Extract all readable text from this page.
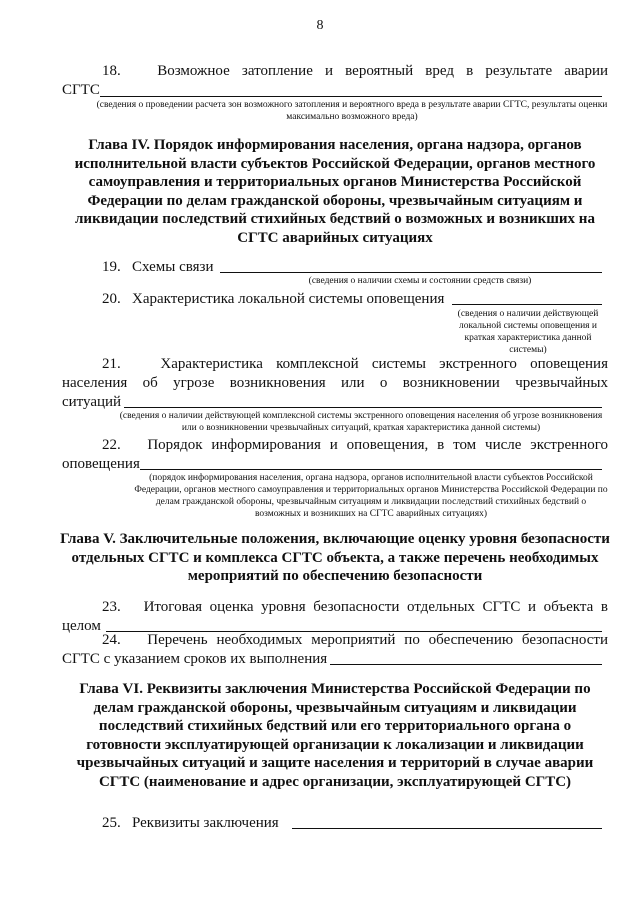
8
18.   Возможное затопление и вероятный вред в результате аварии
СГТС
(сведения о проведении расчета зон возможного затопления и вероятного вреда в результате аварии СГТС, результаты оценки максимально возможного вреда)
Глава IV. Порядок информирования населения, органа надзора, органов исполнительной власти субъектов Российской Федерации, органов местного самоуправления и территориальных органов Министерства Российской Федерации по делам гражданской обороны, чрезвычайным ситуациям и ликвидации последствий стихийных бедствий о возможных и возникших на СГТС аварийных ситуациях
19.   Схемы связи
(сведения о наличии схемы и состоянии средств связи)
20.   Характеристика локальной системы оповещения
(сведения о наличии действующей локальной системы оповещения и краткая характеристика данной системы)
21.   Характеристика комплексной системы экстренного оповещения
населения об угрозе возникновения или о возникновении чрезвычайных
ситуаций
(сведения о наличии действующей комплексной системы экстренного оповещения населения об угрозе возникновения или о возникновении чрезвычайных ситуаций, краткая характеристика данной системы)
22.   Порядок информирования и оповещения, в том числе экстренного
оповещения
(порядок информирования населения, органа надзора, органов исполнительной власти субъектов Российской Федерации, органов местного самоуправления и территориальных органов Министерства Российской Федерации по делам гражданской обороны, чрезвычайным ситуациям и ликвидации последствий стихийных бедствий о возможных и возникших на СГТС аварийных ситуациях)
Глава V. Заключительные положения, включающие оценку уровня безопасности отдельных СГТС и комплекса СГТС объекта, а также перечень необходимых мероприятий по обеспечению безопасности
23.   Итоговая оценка уровня безопасности отдельных СГТС и объекта в
целом
24.   Перечень необходимых мероприятий по обеспечению безопасности
СГТС с указанием сроков их выполнения
Глава VI. Реквизиты заключения Министерства Российской Федерации по делам гражданской обороны, чрезвычайным ситуациям и ликвидации последствий стихийных бедствий или его территориального органа о готовности эксплуатирующей организации к локализации и ликвидации чрезвычайных ситуаций и защите населения и территорий в случае аварии СГТС (наименование и адрес организации, эксплуатирующей СГТС)
25.   Реквизиты заключения
